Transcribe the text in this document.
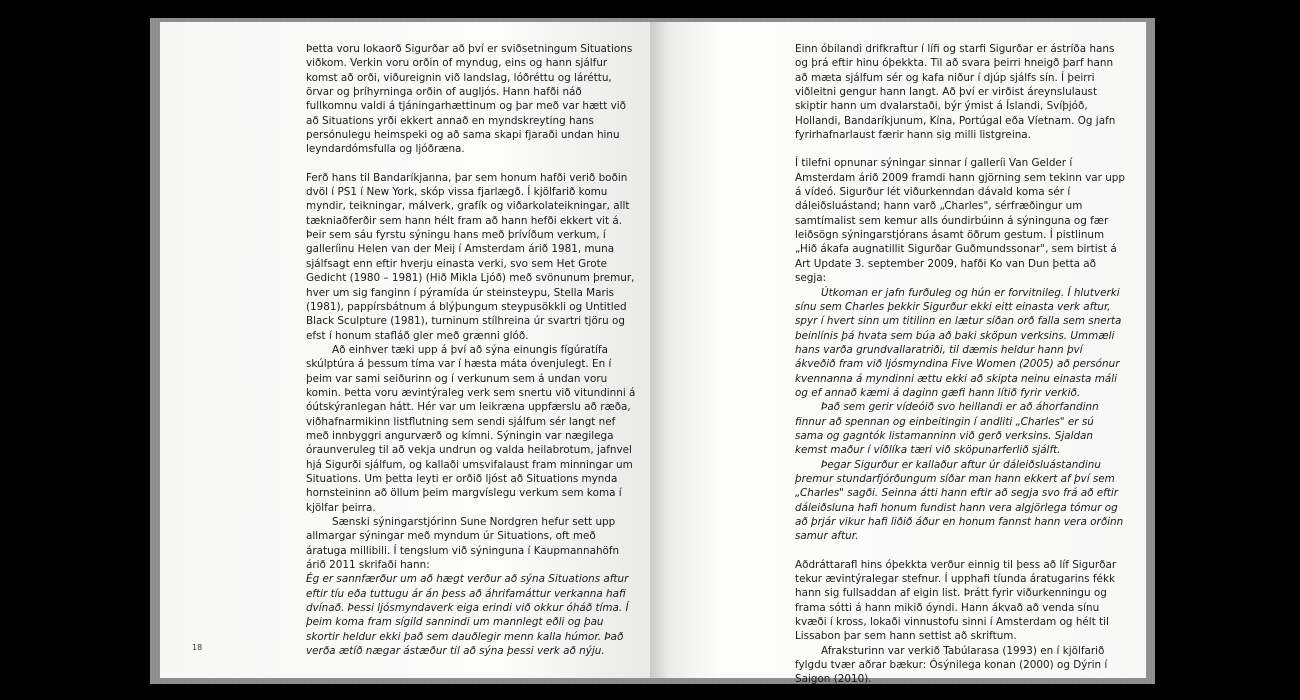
Þetta voru lokaorð Sigurðar að því er sviðsetningum Situations viðkom. Verkin voru orðin of myndug, eins og hann sjálfur komst að orði, viðureignin við landslag, lóðréttu og láréttu, örvar og þríhyrninga orðin of augljós. Hann hafði náð fullkomnu valdi á tjáningarhættinum og þar með var hætt við að Situations yrði ekkert annað en myndskreyting hans persónulegu heimspeki og að sama skapi fjaraði undan hinu leyndardómsfulla og ljóðræna.

Ferð hans til Bandaríkjanna, þar sem honum hafði verið boðin dvöl í PS1 í New York, skóp vissa fjarlægð. Í kjölfarið komu myndir, teikningar, málverk, grafík og viðarkolateikningar, allt tækniaðferðir sem hann hélt fram að hann hefði ekkert vit á. Þeir sem sáu fyrstu sýningu hans með þrívíðum verkum, í galleríinu Helen van der Meij í Amsterdam árið 1981, muna sjálfsagt enn eftir hverju einasta verki, svo sem Het Grote Gedicht (1980 – 1981) (Hið Mikla Ljóð) með svönunum þremur, hver um sig fanginn í pýramída úr steinsteypu, Stella Maris (1981), pappírsbátnum á blýþungum steypusökkli og Untitled Black Sculpture (1981), turninum stílhreina úr svartri tjöru og efst í honum stafláð gler með grænni glóð.

Að einhver tæki upp á því að sýna einungis fígúratífa skúlptúra á þessum tíma var í hæsta máta óvenjulegt. En í þeim var sami seiðurinn og í verkunum sem á undan voru komin. Þetta voru ævintýraleg verk sem snertu við vitundinni á óútskýranlegan hátt. Hér var um leikræna uppfærslu að ræða, viðhafnarmikinn listflutning sem sendi sjálfum sér langt nef með innbyggri angurværð og kímni. Sýningin var nægilega óraunveruleg til að vekja undrun og valda heilabrotum, jafnvel hjá Sigurði sjálfum, og kallaði umsvifalaust fram minningar um Situations. Um þetta leyti er orðið ljóst að Situations mynda hornsteininn að öllum þeim margvíslegu verkum sem koma í kjölfar þeirra.

Sænski sýningarstjórinn Sune Nordgren hefur sett upp allmargar sýningar með myndum úr Situations, oft með áratuga millibili. Í tengslum við sýninguna í Kaupmannahöfn árið 2011 skrifaði hann:

Ég er sannfærður um að hægt verður að sýna Situations aftur eftir tíu eða tuttugu ár án þess að áhrifamáttur verkanna hafi dvínað. Þessi ljósmyndaverk eiga erindi við okkur óháð tíma. Í þeim koma fram sígild sannindi um mannlegt eðli og þau skortir heldur ekki það sem dauðlegir menn kalla húmor. Það verða ætíð nægar ástæður til að sýna þessi verk að nýju.

18

Einn óbilandi drifkraftur í lífi og starfi Sigurðar er ástríða hans og þrá eftir hinu óþekkta. Til að svara þeirri hneigð þarf hann að mæta sjálfum sér og kafa niður í djúp sjálfs sín. Í þeirri viðleitni gengur hann langt. Að því er virðist áreynslulaust skiptir hann um dvalarstaði, býr ýmist á Íslandi, Svíþjóð, Hollandi, Bandaríkjunum, Kína, Portúgal eða Víetnam. Og jafn fyrirhafnarlaust færir hann sig milli listgreina.

Í tilefni opnunar sýningar sinnar í galleríi Van Gelder í Amsterdam árið 2009 framdi hann gjörning sem tekinn var upp á vídeó. Sigurður lét viðurkenndan dávald koma sér í dáleiðsluástand; hann varð „Charles", sérfræðingur um samtímalist sem kemur alls óundirbúinn á sýninguna og fær leiðsögn sýningarstjórans ásamt öðrum gestum. Í pistlinum „Hið ákafa augnatillit Sigurðar Guðmundssonar", sem birtist á Art Update 3. september 2009, hafði Ko van Dun þetta að segja:

Útkoman er jafn furðuleg og hún er forvitnileg. Í hlutverki sínu sem Charles þekkir Sigurður ekki eitt einasta verk aftur, spyr í hvert sinn um titilinn en lætur síðan orð falla sem snerta beinlínis þá hvata sem búa að baki sköpun verksins. Ummæli hans varða grundvallaratriði, til dæmis heldur hann því ákveðið fram við ljósmyndina Five Women (2005) að persónur kvennanna á myndinni ættu ekki að skipta neinu einasta máli og ef annað kæmi á daginn gæfi hann lítið fyrir verkið.

Það sem gerir vídeóið svo heillandi er að áhorfandinn finnur að spennan og einbeitingin í andliti „Charles" er sú sama og gagntók listamanninn við gerð verksins. Sjaldan kemst maður í víðlíka tæri við sköpunarferlið sjálft.

Þegar Sigurður er kallaður aftur úr dáleiðsluástandinu þremur stundarfjórðungum síðar man hann ekkert af því sem „Charles" sagði. Seinna átti hann eftir að segja svo frá að eftir dáleiðsluna hafi honum fundist hann vera algjörlega tómur og að þrjár vikur hafi liðið áður en honum fannst hann vera orðinn samur aftur.

Aðdráttarafl hins óþekkta verður einnig til þess að líf Sigurðar tekur ævintýralegar stefnur. Í upphafi tíunda áratugarins fékk hann sig fullsaddan af eigin list. Þrátt fyrir viðurkenningu og frama sótti á hann mikið óyndi. Hann ákvað að venda sínu kvæði í kross, lokaði vinnustofu sinni í Amsterdam og hélt til Lissabon þar sem hann settist að skriftum.

Afraksturinn var verkið Tabúlarasa (1993) en í kjölfarið fylgdu tvær aðrar bækur: Ósýnilega konan (2000) og Dýrin í Saigon (2010).
